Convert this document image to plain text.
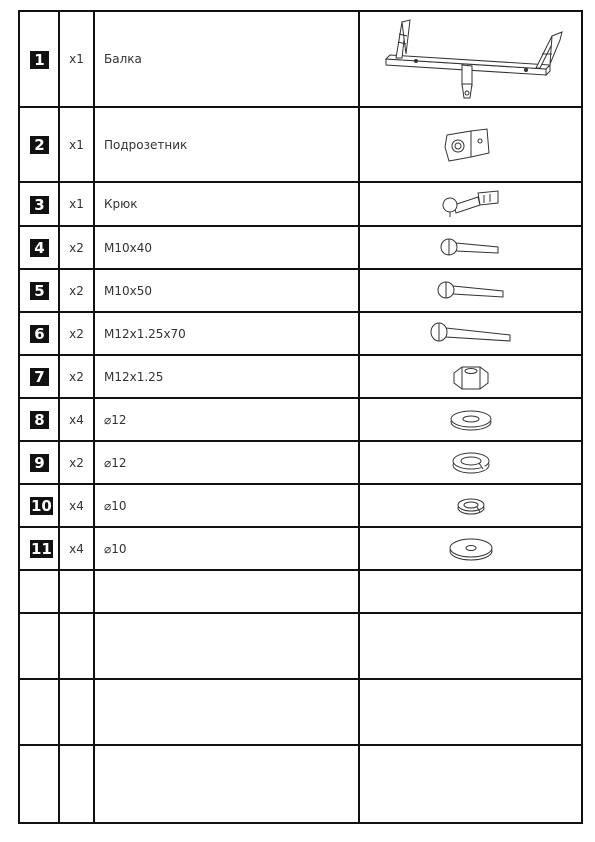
1	x1	Балка

2	x1	Подрозетник

3	x1	Крюк

4	x2	M10x40

5	x2	M10x50

6	x2	M12x1.25x70

7	x2	M12x1.25

8	x4	⌀12

9	x2	⌀12

10	x4	⌀10

11	x4	⌀10
